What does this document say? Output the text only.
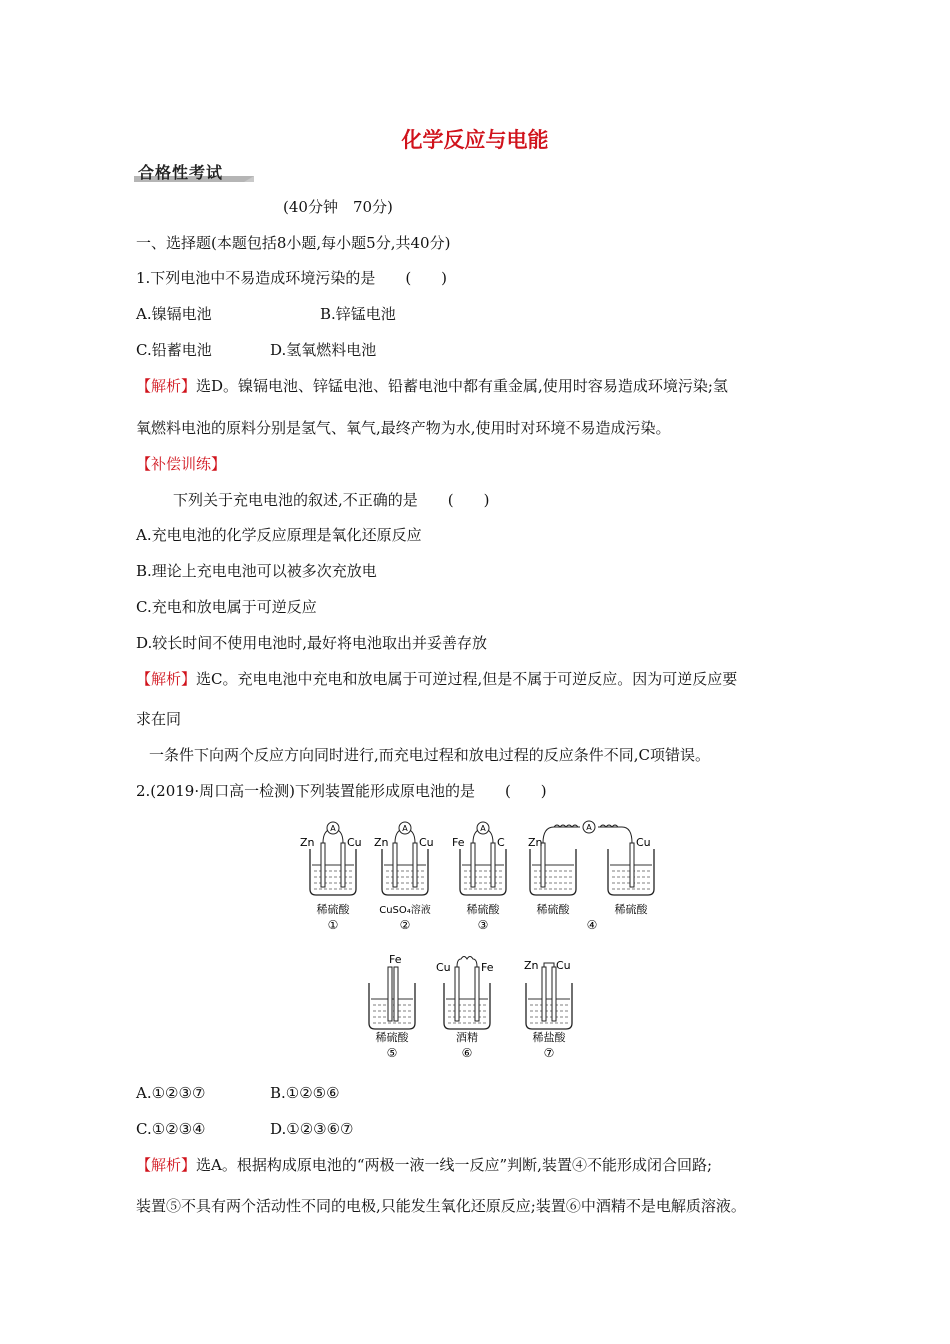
化学反应与电能
合格性考试
(40分钟　70分)
一、选择题(本题包括8小题,每小题5分,共40分)
1.下列电池中不易造成环境污染的是　　(　　)
A.镍镉电池	B.锌锰电池
C.铅蓄电池	D.氢氧燃料电池
【解析】选D。镍镉电池、锌锰电池、铅蓄电池中都有重金属,使用时容易造成环境污染;氢
氧燃料电池的原料分别是氢气、氧气,最终产物为水,使用时对环境不易造成污染。
【补偿训练】
下列关于充电电池的叙述,不正确的是　　(　　)
A.充电电池的化学反应原理是氧化还原反应
B.理论上充电电池可以被多次充放电
C.充电和放电属于可逆反应
D.较长时间不使用电池时,最好将电池取出并妥善存放
【解析】选C。充电电池中充电和放电属于可逆过程,但是不属于可逆反应。因为可逆反应要
求在同
一条件下向两个反应方向同时进行,而充电过程和放电过程的反应条件不同,C项错误。
2.(2019·周口高一检测)下列装置能形成原电池的是　　(　　)
A
Zn	Cu
稀硫酸
①
A
Zn	Cu
CuSO₄溶液
②
A
Fe	C
稀硫酸
③
A
Zn	Cu
稀硫酸	稀硫酸
④
Fe
稀硫酸
⑤
Cu	Fe
酒精
⑥
Zn Cu
稀盐酸
⑦
A.①②③⑦	B.①②⑤⑥
C.①②③④	D.①②③⑥⑦
【解析】选A。根据构成原电池的“两极一液一线一反应”判断,装置④不能形成闭合回路;
装置⑤不具有两个活动性不同的电极,只能发生氧化还原反应;装置⑥中酒精不是电解质溶液。
